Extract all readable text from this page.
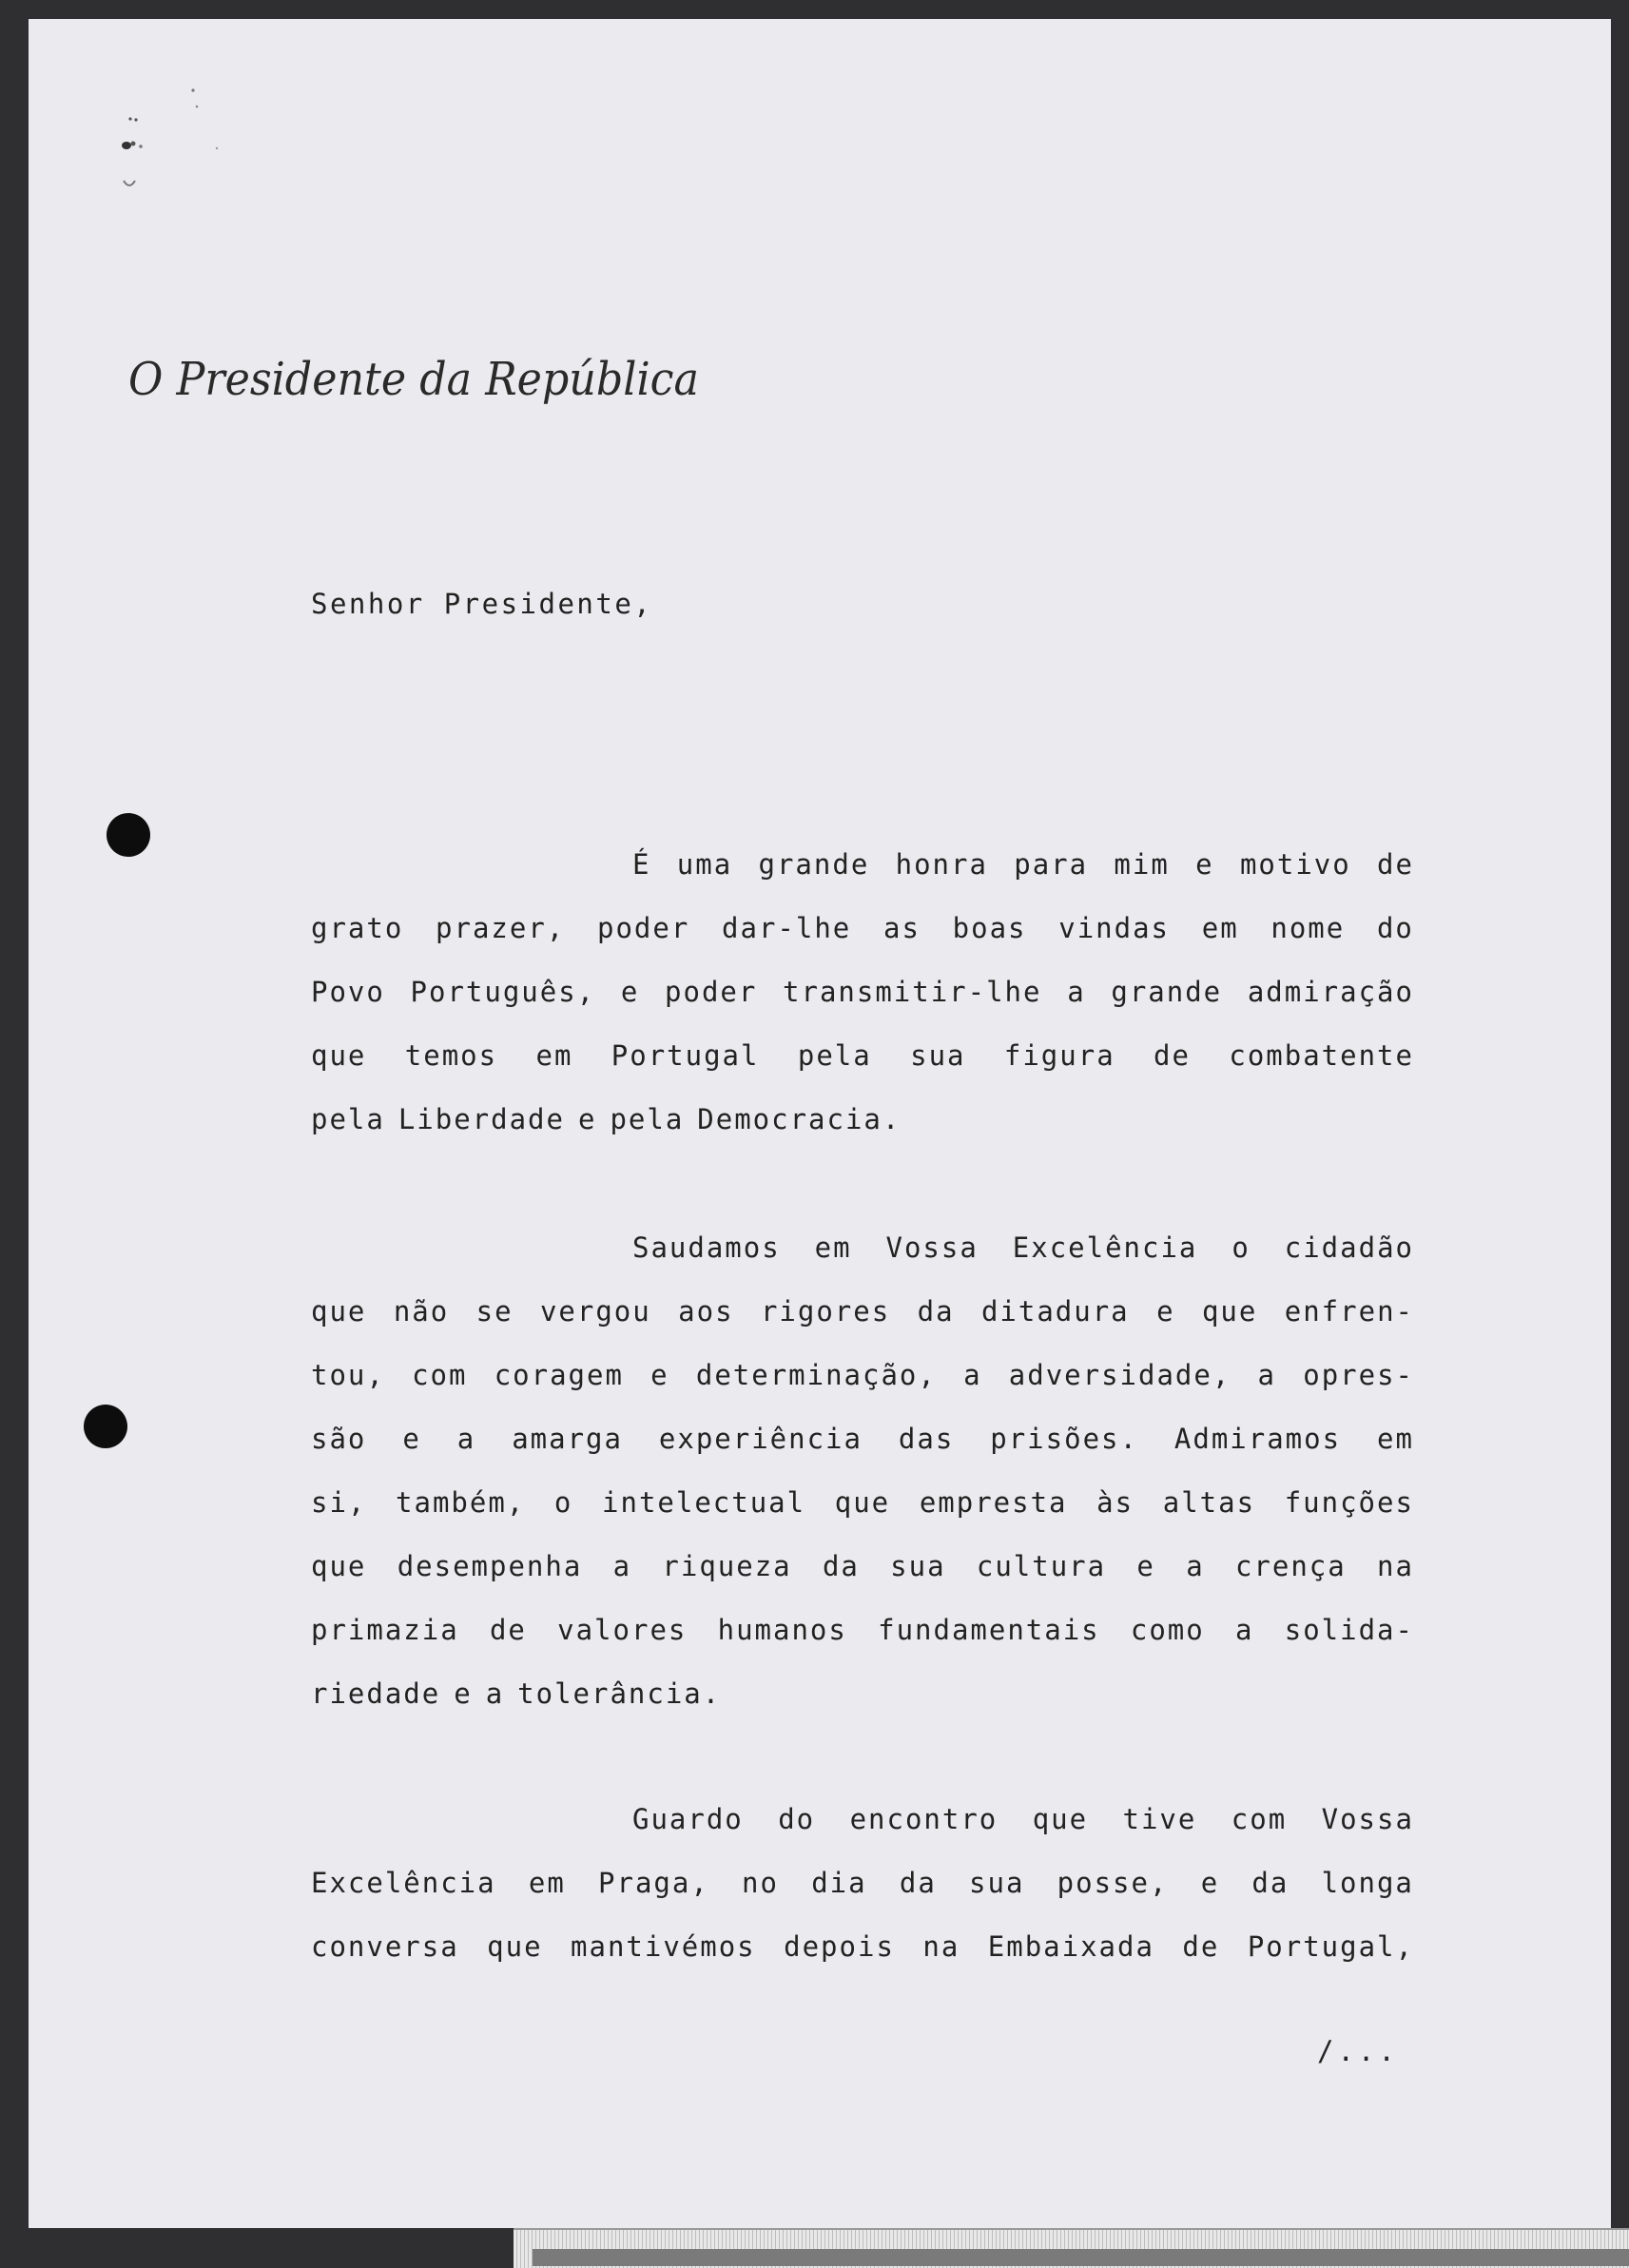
O Presidente da República
Senhor Presidente,
É uma grande honra para mim e motivo de
grato prazer, poder dar-lhe as boas vindas em nome do
Povo Português, e poder transmitir-lhe a grande admiração
que temos em Portugal pela sua figura de combatente
pela Liberdade e pela Democracia.
Saudamos em Vossa Excelência o cidadão
que não se vergou aos rigores da ditadura e que enfren-
tou, com coragem e determinação, a adversidade, a opres-
são e a amarga experiência das prisões. Admiramos em
si, também, o intelectual que empresta às altas funções
que desempenha a riqueza da sua cultura e a crença na
primazia de valores humanos fundamentais como a solida-
riedade e a tolerância.
Guardo do encontro que tive com Vossa
Excelência em Praga, no dia da sua posse, e da longa
conversa que mantivémos depois na Embaixada de Portugal,
/...
